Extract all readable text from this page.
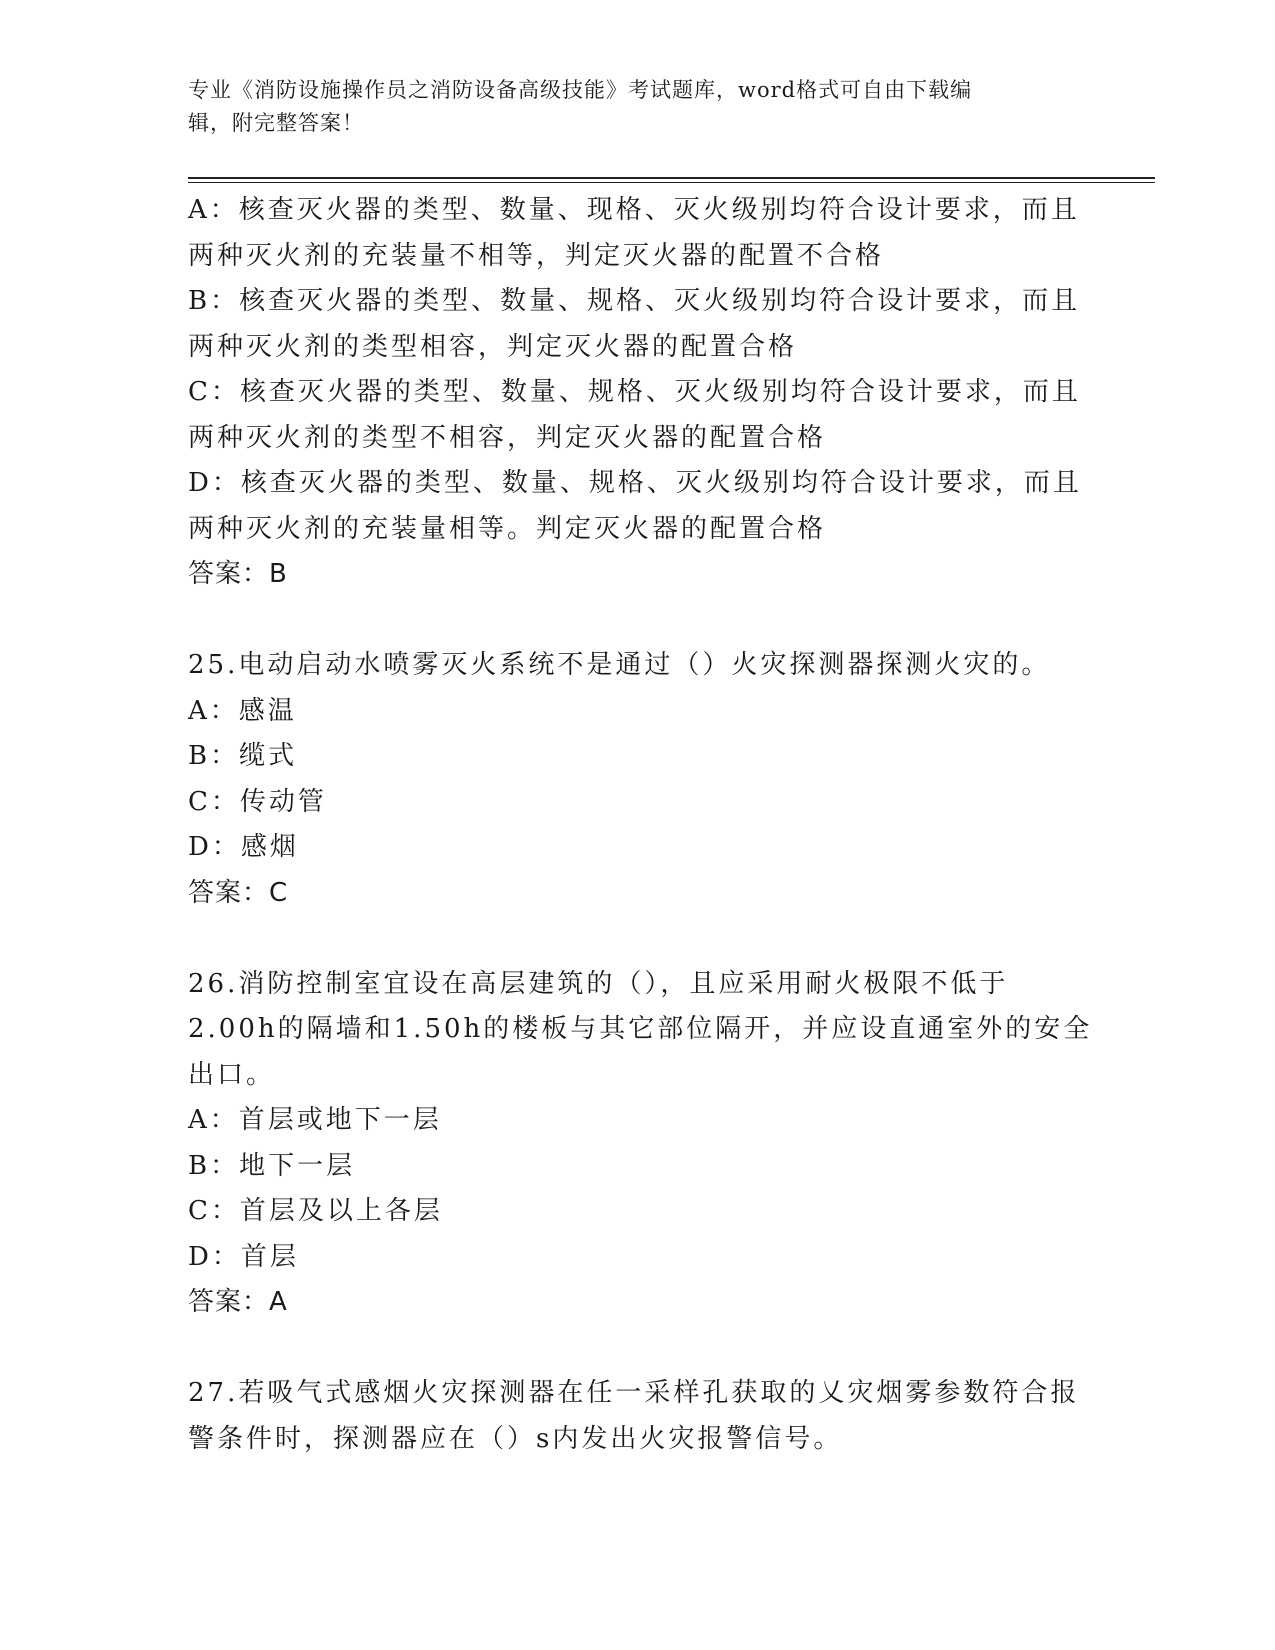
专业《消防设施操作员之消防设备高级技能》考试题库，word格式可自由下载编
辑，附完整答案！
A：核查灭火器的类型、数量、现格、灭火级别均符合设计要求，而且
两种灭火剂的充装量不相等，判定灭火器的配置不合格
B：核查灭火器的类型、数量、规格、灭火级别均符合设计要求，而且
两种灭火剂的类型相容，判定灭火器的配置合格
C：核查灭火器的类型、数量、规格、灭火级别均符合设计要求，而且
两种灭火剂的类型不相容，判定灭火器的配置合格
D：核查灭火器的类型、数量、规格、灭火级别均符合设计要求，而且
两种灭火剂的充装量相等。判定灭火器的配置合格
答案：B
25.电动启动水喷雾灭火系统不是通过（）火灾探测器探测火灾的。
A：感温
B：缆式
C：传动管
D：感烟
答案：C
26.消防控制室宜设在高层建筑的（），且应采用耐火极限不低于
2.00h的隔墙和1.50h的楼板与其它部位隔开，并应设直通室外的安全
出口。
A：首层或地下一层
B：地下一层
C：首层及以上各层
D：首层
答案：A
27.若吸气式感烟火灾探测器在任一采样孔获取的乂灾烟雾参数符合报
警条件时，探测器应在（）s内发出火灾报警信号。
